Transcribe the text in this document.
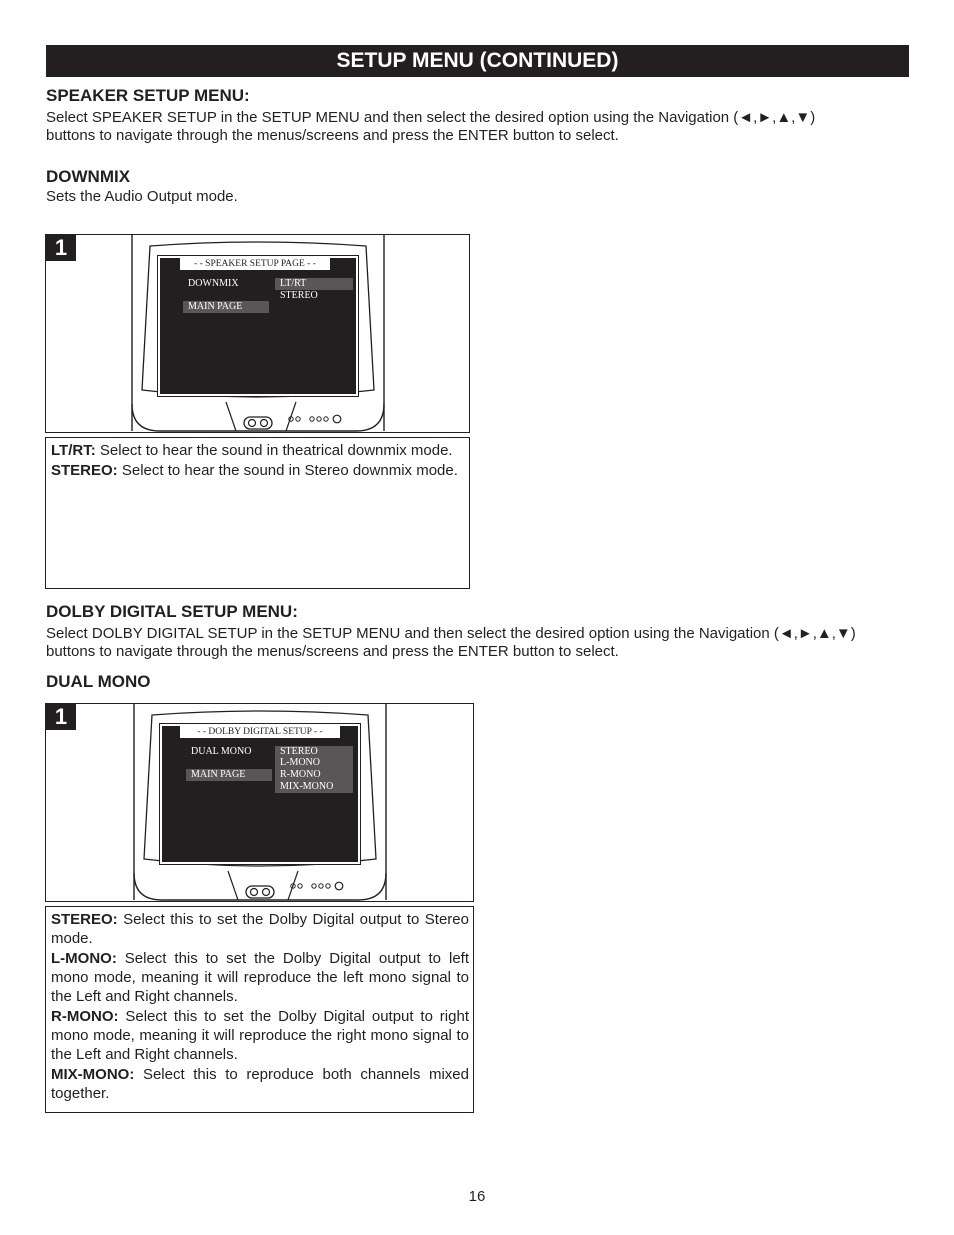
SETUP MENU (CONTINUED)
SPEAKER SETUP MENU:

Select SPEAKER SETUP in the SETUP MENU and then select the desired option using the Navigation (◄,►,▲,▼)

buttons to navigate through the menus/screens and press the ENTER button to select.

DOWNMIX

Sets the Audio Output mode.

1
- - SPEAKER SETUP PAGE - -
DOWNMIX
MAIN PAGE
LT/RT
STEREO

LT/RT: Select to hear the sound in theatrical downmix mode.

STEREO: Select to hear the sound in Stereo downmix mode.

DOLBY DIGITAL SETUP MENU:

Select DOLBY DIGITAL SETUP in the SETUP MENU and then select the desired option using the Navigation (◄,►,▲,▼)

buttons to navigate through the menus/screens and press the ENTER button to select.

DUAL MONO
1
- - DOLBY DIGITAL SETUP - -
DUAL MONO
MAIN PAGE
STEREO
L-MONO
R-MONO
MIX-MONO

STEREO: Select this to set the Dolby Digital output to Stereo mode.

L-MONO: Select this to set the Dolby Digital output to left mono mode, meaning it will reproduce the left mono signal to the Left and Right channels.

R-MONO: Select this to set the Dolby Digital output to right mono mode, meaning it will reproduce the right mono signal to the Left and Right channels.

MIX-MONO: Select this to reproduce both channels mixed together.

16
